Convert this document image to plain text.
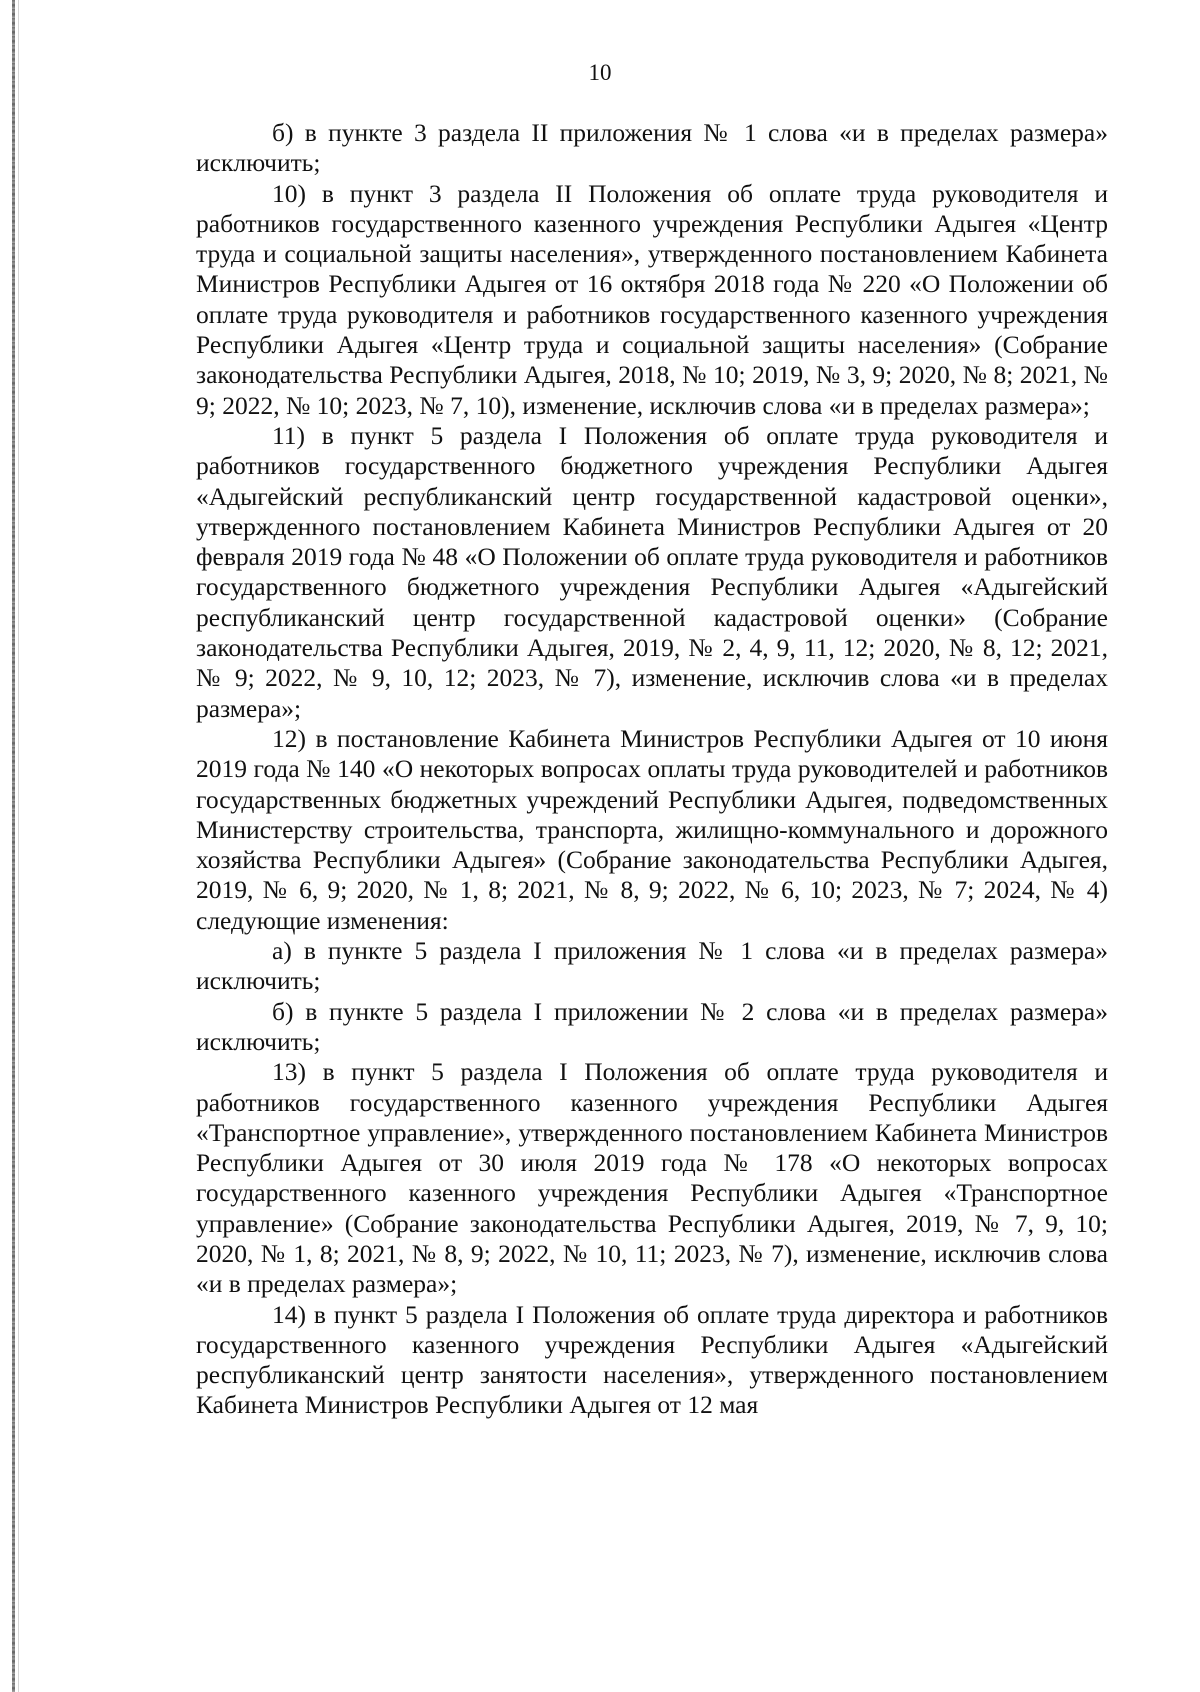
10

б) в пункте 3 раздела II приложения № 1 слова «и в пределах размера» исключить;

10) в пункт 3 раздела II Положения об оплате труда руководителя и работников государственного казенного учреждения Республики Адыгея «Центр труда и социальной защиты населения», утвержденного постановлением Кабинета Министров Республики Адыгея от 16 октября 2018 года № 220 «О Положении об оплате труда руководителя и работников государственного казенного учреждения Республики Адыгея «Центр труда и социальной защиты населения» (Собрание законодательства Республики Адыгея, 2018, № 10; 2019, № 3, 9; 2020, № 8; 2021, № 9; 2022, № 10; 2023, № 7, 10), изменение, исключив слова «и в пределах размера»;

11) в пункт 5 раздела I Положения об оплате труда руководителя и работников государственного бюджетного учреждения Республики Адыгея «Адыгейский республиканский центр государственной кадастровой оценки», утвержденного постановлением Кабинета Министров Республики Адыгея от 20 февраля 2019 года № 48 «О Положении об оплате труда руководителя и работников государственного бюджетного учреждения Республики Адыгея «Адыгейский республиканский центр государственной кадастровой оценки» (Собрание законодательства Республики Адыгея, 2019, № 2, 4, 9, 11, 12; 2020, № 8, 12; 2021, № 9; 2022, № 9, 10, 12; 2023, № 7), изменение, исключив слова «и в пределах размера»;

12) в постановление Кабинета Министров Республики Адыгея от 10 июня 2019 года № 140 «О некоторых вопросах оплаты труда руководителей и работников государственных бюджетных учреждений Республики Адыгея, подведомственных Министерству строительства, транспорта, жилищно-коммунального и дорожного хозяйства Республики Адыгея» (Собрание законодательства Республики Адыгея, 2019, № 6, 9; 2020, № 1, 8; 2021, № 8, 9; 2022, № 6, 10; 2023, № 7; 2024, № 4) следующие изменения:

а) в пункте 5 раздела I приложения № 1 слова «и в пределах размера» исключить;

б) в пункте 5 раздела I приложении № 2 слова «и в пределах размера» исключить;

13) в пункт 5 раздела I Положения об оплате труда руководителя и работников государственного казенного учреждения Республики Адыгея «Транспортное управление», утвержденного постановлением Кабинета Министров Республики Адыгея от 30 июля 2019 года № 178 «О некоторых вопросах государственного казенного учреждения Республики Адыгея «Транспортное управление» (Собрание законодательства Республики Адыгея, 2019, № 7, 9, 10; 2020, № 1, 8; 2021, № 8, 9; 2022, № 10, 11; 2023, № 7), изменение, исключив слова «и в пределах размера»;

14) в пункт 5 раздела I Положения об оплате труда директора и работников государственного казенного учреждения Республики Адыгея «Адыгейский республиканский центр занятости населения», утвержденного постановлением Кабинета Министров Республики Адыгея от 12 мая
